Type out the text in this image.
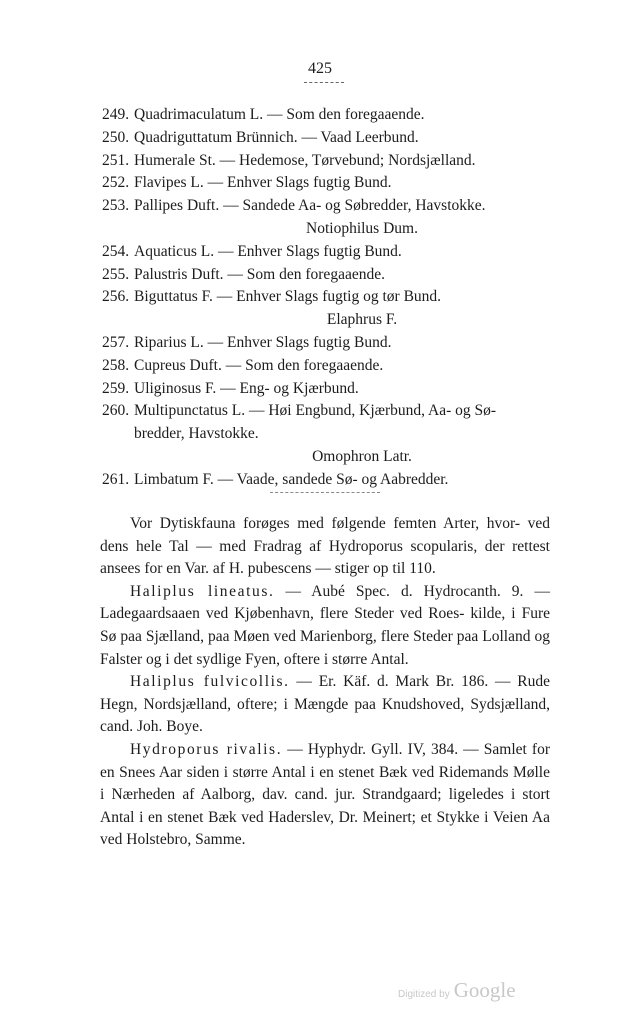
425
249. Quadrimaculatum L. — Som den foregaaende.
250. Quadriguttatum Brünnich. — Vaad Leerbund.
251. Humerale St. — Hedemose, Tørvebund; Nordsjælland.
252. Flavipes L. — Enhver Slags fugtig Bund.
253. Pallipes Duft. — Sandede Aa- og Søbredder, Havstokke.
Notiophilus Dum.
254. Aquaticus L. — Enhver Slags fugtig Bund.
255. Palustris Duft. — Som den foregaaende.
256. Biguttatus F. — Enhver Slags fugtig og tør Bund.
Elaphrus F.
257. Riparius L. — Enhver Slags fugtig Bund.
258. Cupreus Duft. — Som den foregaaende.
259. Uliginosus F. — Eng- og Kjærbund.
260. Multipunctatus L. — Høi Engbund, Kjærbund, Aa- og Sø-
bredder, Havstokke.
Omophron Latr.
261. Limbatum F. — Vaade, sandede Sø- og Aabredder.

Vor Dytiskfauna forøges med følgende femten Arter, hvor- ved dens hele Tal — med Fradrag af Hydroporus scopularis, der rettest ansees for en Var. af H. pubescens — stiger op til 110.

Haliplus lineatus. — Aubé Spec. d. Hydrocanth. 9. — Ladegaardsaaen ved Kjøbenhavn, flere Steder ved Roes- kilde, i Fure Sø paa Sjælland, paa Møen ved Marienborg, flere Steder paa Lolland og Falster og i det sydlige Fyen, oftere i større Antal.

Haliplus fulvicollis. — Er. Käf. d. Mark Br. 186. — Rude Hegn, Nordsjælland, oftere; i Mængde paa Knudshoved, Sydsjælland, cand. Joh. Boye.

Hydroporus rivalis. — Hyphydr. Gyll. IV, 384. — Samlet for en Snees Aar siden i større Antal i en stenet Bæk ved Ridemands Mølle i Nærheden af Aalborg, dav. cand. jur. Strandgaard; ligeledes i stort Antal i en stenet Bæk ved Haderslev, Dr. Meinert; et Stykke i Veien Aa ved Holstebro, Samme.

Digitized by Google
